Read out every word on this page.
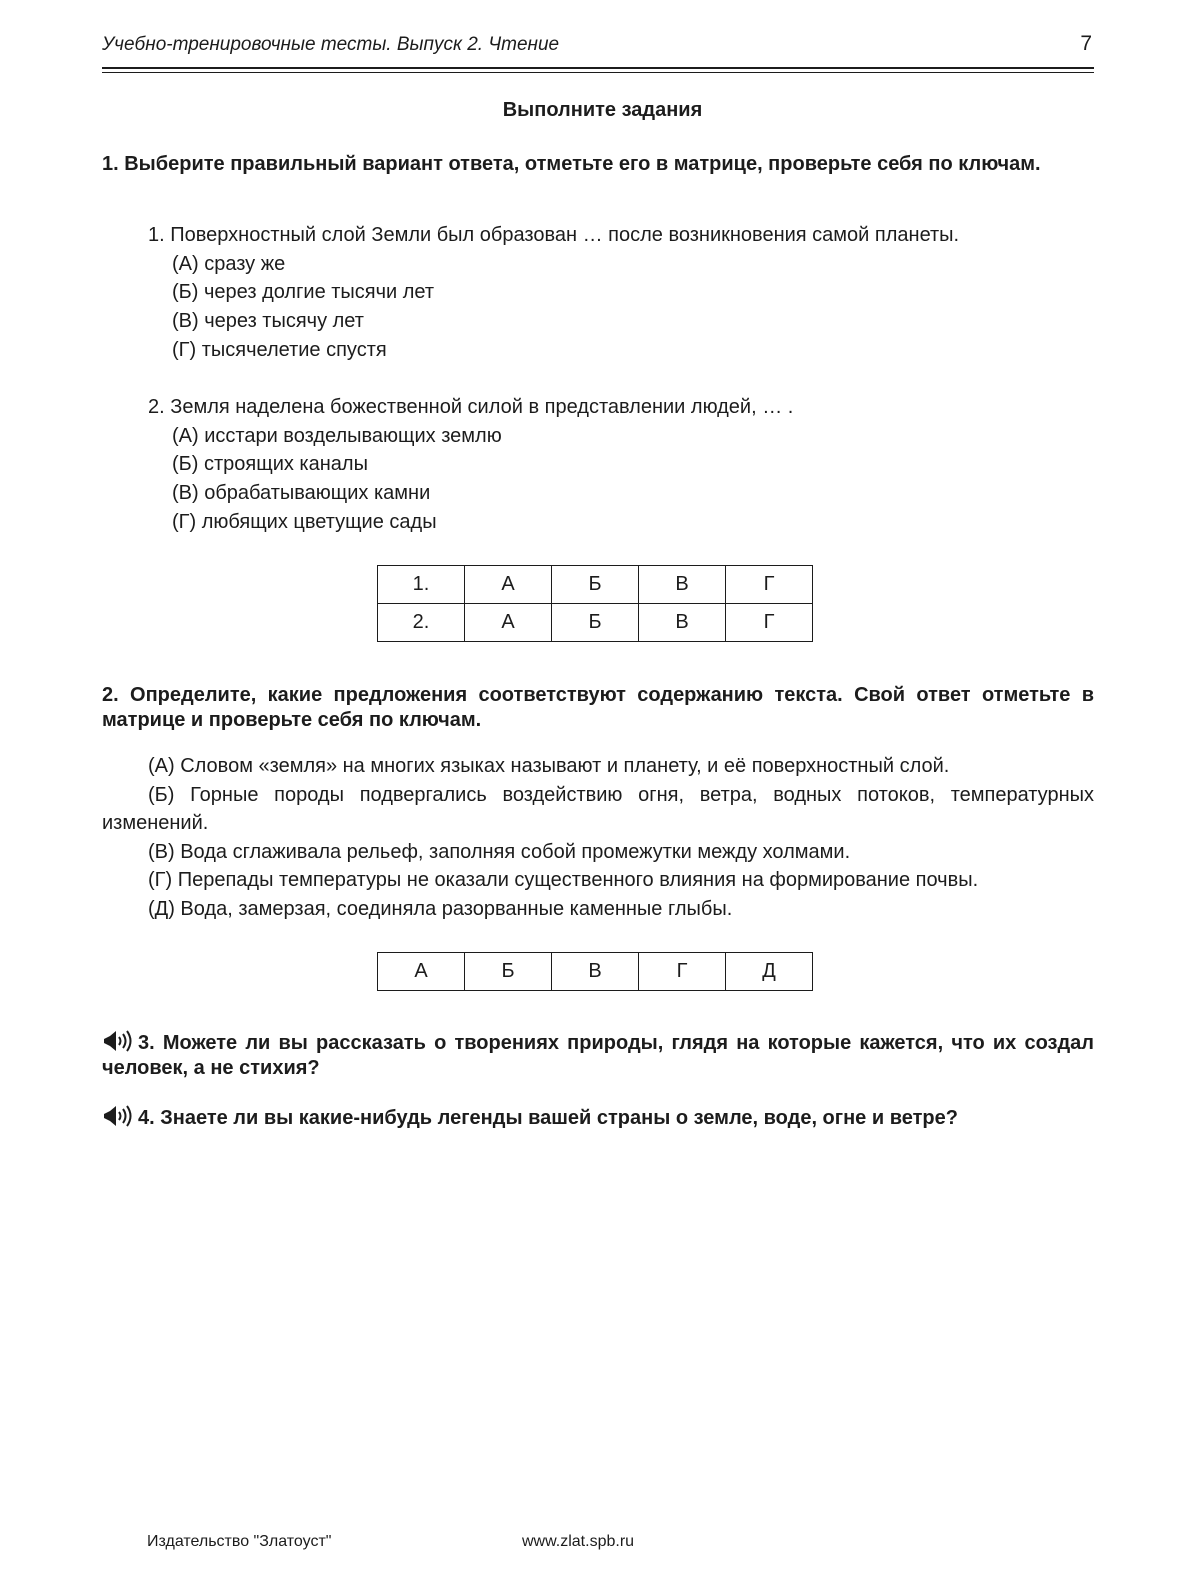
Учебно-тренировочные тесты. Выпуск 2. Чтение	7
Выполните задания
1. Выберите правильный вариант ответа, отметьте его в матрице, проверьте себя по ключам.

1. Поверхностный слой Земли был образован … после возникновения самой планеты.

(А) сразу же
(Б) через долгие тысячи лет
(В) через тысячу лет
(Г) тысячелетие спустя

2. Земля наделена божественной силой в представлении людей, … .

(А) исстари возделывающих землю
(Б) строящих каналы
(В) обрабатывающих камни
(Г) любящих цветущие сады
1.	А	Б	В	Г
2.	А	Б	В	Г
2. Определите, какие предложения соответствуют содержанию текста. Свой ответ отметьте в матрице и проверьте себя по ключам.

(А) Словом «земля» на многих языках называют и планету, и её поверхностный слой.

(Б) Горные породы подвергались воздействию огня, ветра, водных потоков, температурных изменений.

(В) Вода сглаживала рельеф, заполняя собой промежутки между холмами.

(Г) Перепады температуры не оказали существенного влияния на формирование почвы.

(Д) Вода, замерзая, соединяла разорванные каменные глыбы.

А	Б	В	Г	Д
3. Можете ли вы рассказать о творениях природы, глядя на которые кажется, что их создал человек, а не стихия?
4. Знаете ли вы какие-нибудь легенды вашей страны о земле, воде, огне и ветре?
Издательство "Златоуст"	www.zlat.spb.ru
